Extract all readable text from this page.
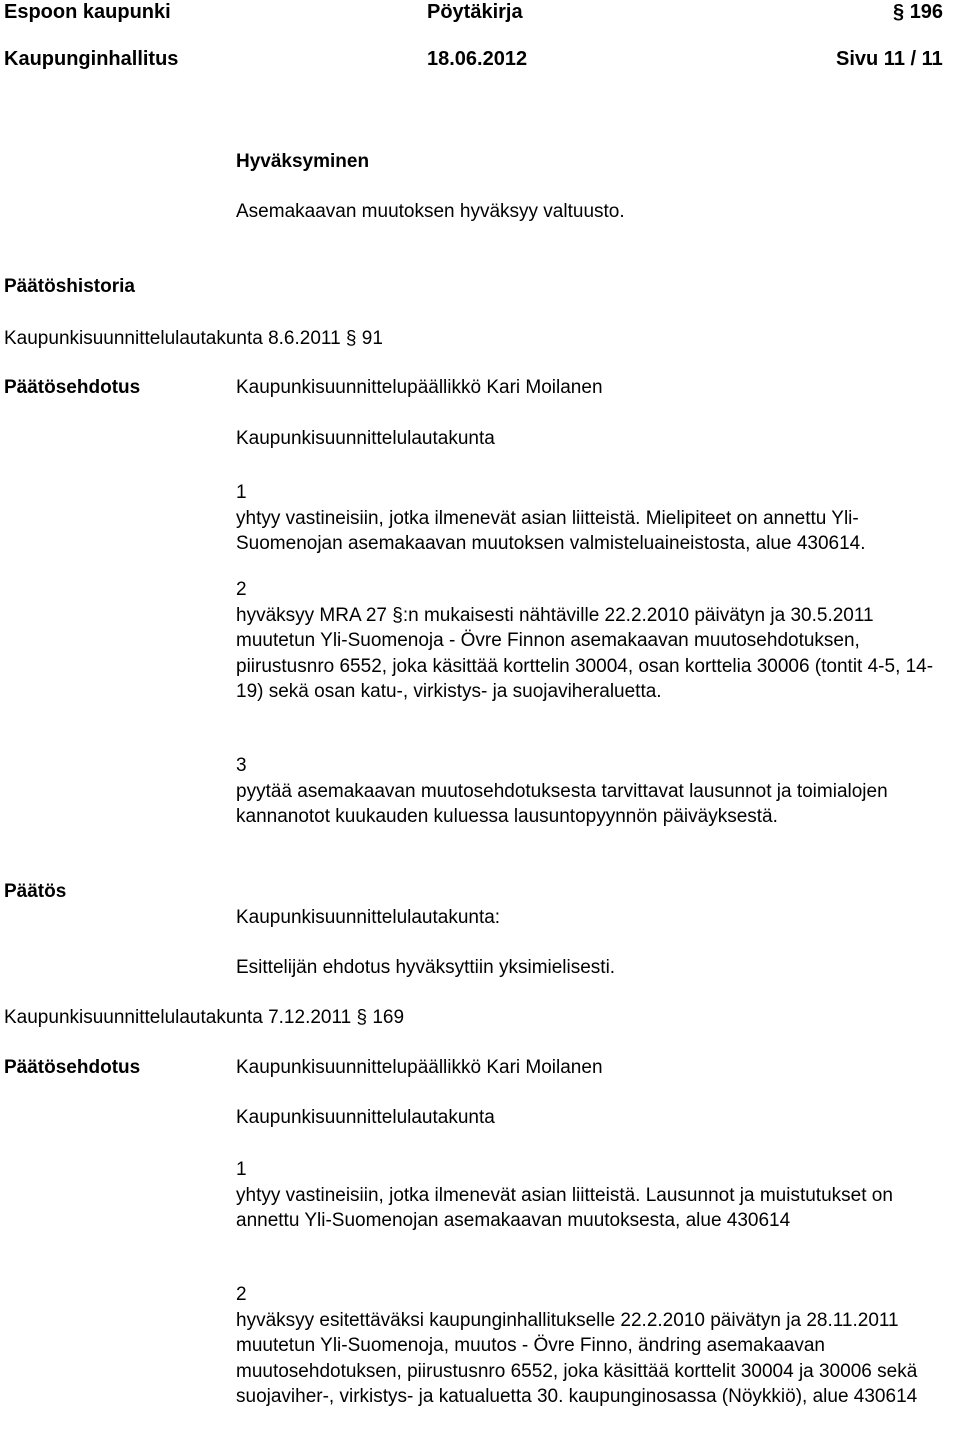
Espoon kaupunki	Pöytäkirja	§ 196
Kaupunginhallitus	18.06.2012	Sivu 11 / 11
Hyväksyminen
Asemakaavan muutoksen hyväksyy valtuusto.
Päätöshistoria
Kaupunkisuunnittelulautakunta 8.6.2011 § 91
Päätösehdotus	Kaupunkisuunnittelupäällikkö Kari Moilanen
Kaupunkisuunnittelulautakunta
1
yhtyy vastineisiin, jotka ilmenevät asian liitteistä. Mielipiteet on annettu Yli-Suomenojan asemakaavan muutoksen valmisteluaineistosta, alue 430614.
2
hyväksyy MRA 27 §:n mukaisesti nähtäville 22.2.2010 päivätyn ja 30.5.2011 muutetun Yli-Suomenoja - Övre Finnon asemakaavan muutosehdotuksen, piirustusnro 6552, joka käsittää korttelin 30004, osan korttelia 30006 (tontit 4-5, 14-19) sekä osan katu-, virkistys- ja suojaviheraluetta.
3
pyytää asemakaavan muutosehdotuksesta tarvittavat lausunnot ja toimialojen kannanotot kuukauden kuluessa lausuntopyynnön päiväyksestä.
Päätös
Kaupunkisuunnittelulautakunta:
Esittelijän ehdotus hyväksyttiin yksimielisesti.
Kaupunkisuunnittelulautakunta 7.12.2011 § 169
Päätösehdotus	Kaupunkisuunnittelupäällikkö Kari Moilanen
Kaupunkisuunnittelulautakunta
1
yhtyy vastineisiin, jotka ilmenevät asian liitteistä. Lausunnot ja muistutukset on annettu Yli-Suomenojan asemakaavan muutoksesta, alue 430614
2
hyväksyy esitettäväksi kaupunginhallitukselle 22.2.2010 päivätyn ja 28.11.2011 muutetun Yli-Suomenoja, muutos - Övre Finno, ändring asemakaavan muutosehdotuksen, piirustusnro 6552, joka käsittää korttelit 30004 ja 30006 sekä suojaviher-, virkistys- ja katualuetta 30. kaupunginosassa (Nöykkiö), alue 430614
